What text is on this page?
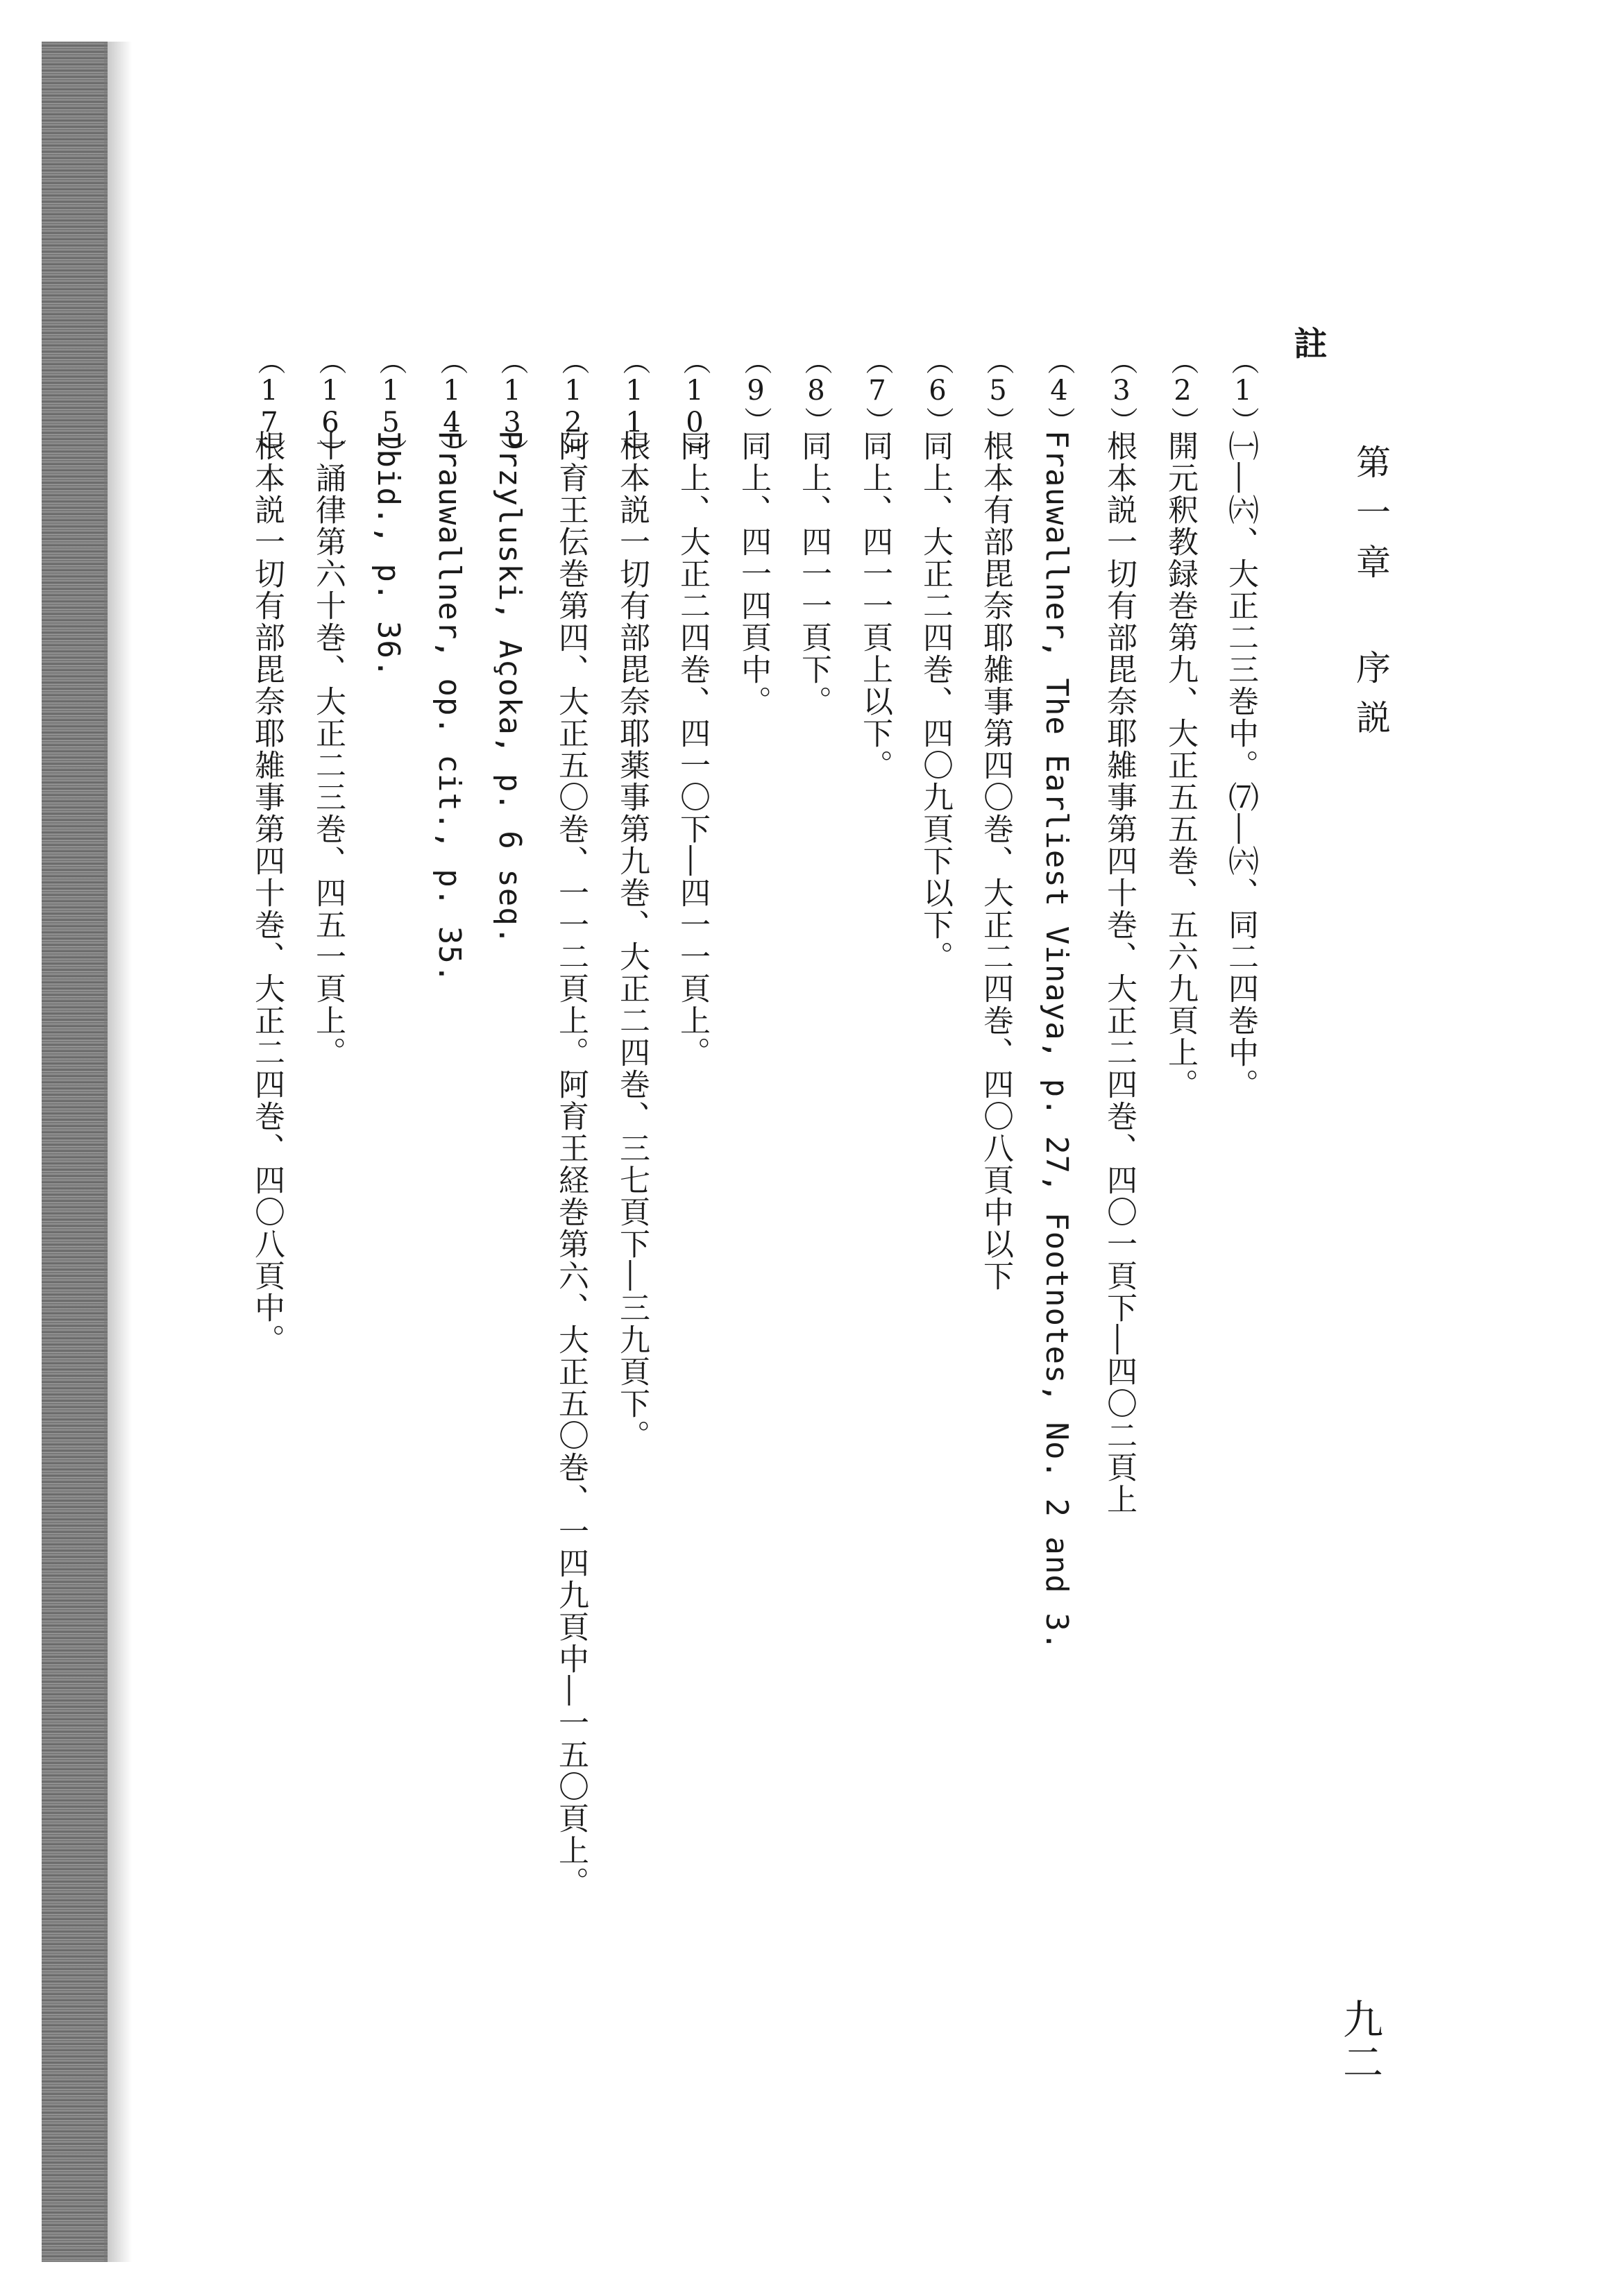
第一章 序説
九二
註
（1）
㈠―㈥、大正二三巻中。⑺―㈥、同二四巻中。
（2）
開元釈教録巻第九、大正五五巻、五六九頁上。
（3）
根本説一切有部毘奈耶雑事第四十巻、大正二四巻、四〇一頁下―四〇二頁上
（4）
Frauwallner, The Earliest Vinaya, p. 27, Footnotes, No. 2 and 3.
（5）
根本有部毘奈耶雑事第四〇巻、大正二四巻、四〇八頁中以下
（6）
同上、大正二四巻、四〇九頁下以下。
（7）
同上、四一一頁上以下。
（8）
同上、四一一頁下。
（9）
同上、四一四頁中。
（10）
同上、大正二四巻、四一〇下―四一一頁上。
（11）
根本説一切有部毘奈耶薬事第九巻、大正二四巻、三七頁下―三九頁下。
（12）
阿育王伝巻第四、大正五〇巻、一一二頁上。阿育王経巻第六、大正五〇巻、一四九頁中―一五〇頁上。
（13）
Przyluski, Açoka, p. 6 seq.
（14）
Frauwallner, op. cit., p. 35.
（15）
Ibid., p. 36.
（16）
十誦律第六十巻、大正二三巻、四五一頁上。
（17）
根本説一切有部毘奈耶雑事第四十巻、大正二四巻、四〇八頁中。
